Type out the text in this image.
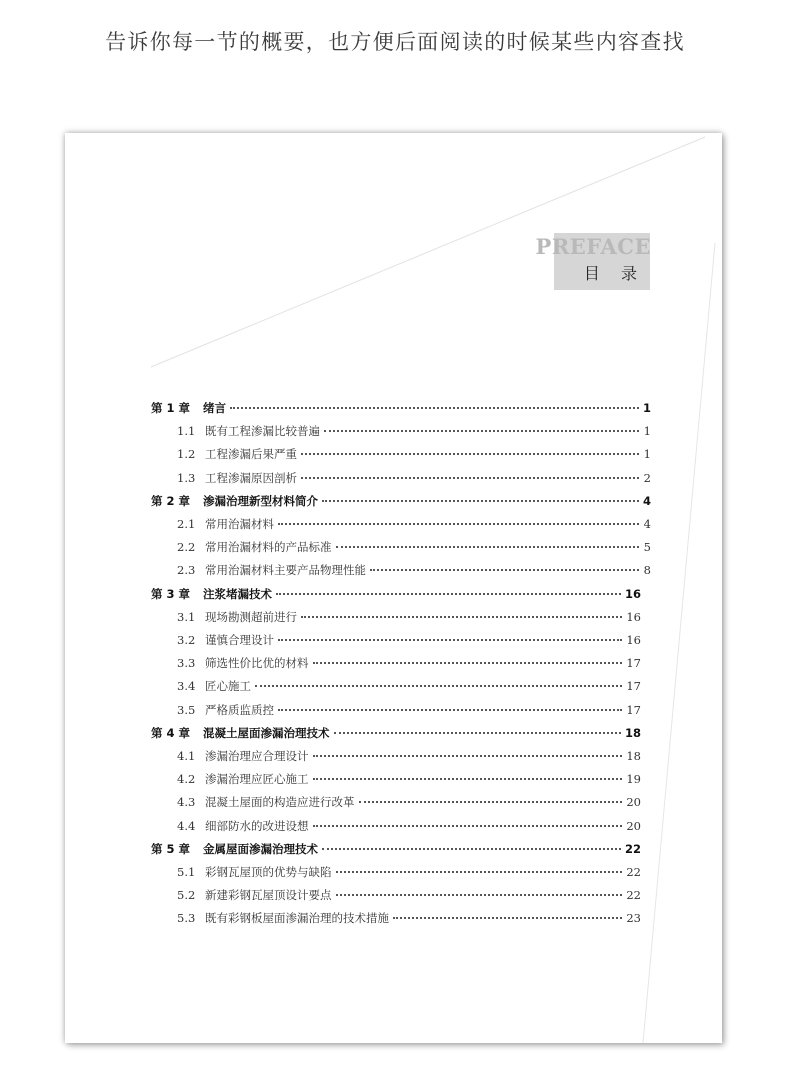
告诉你每一节的概要，也方便后面阅读的时候某些内容查找
PREFACE
目 录
第 1 章	绪言	1
1.1 既有工程渗漏比较普遍	1
1.2 工程渗漏后果严重	1
1.3 工程渗漏原因剖析	2
第 2 章	渗漏治理新型材料简介	4
2.1 常用治漏材料	4
2.2 常用治漏材料的产品标准	5
2.3 常用治漏材料主要产品物理性能	8
第 3 章	注浆堵漏技术	16
3.1 现场勘测超前进行	16
3.2 谨慎合理设计	16
3.3 筛选性价比优的材料	17
3.4 匠心施工	17
3.5 严格质监质控	17
第 4 章	混凝土屋面渗漏治理技术	18
4.1 渗漏治理应合理设计	18
4.2 渗漏治理应匠心施工	19
4.3 混凝土屋面的构造应进行改革	20
4.4 细部防水的改进设想	20
第 5 章	金属屋面渗漏治理技术	22
5.1 彩钢瓦屋顶的优势与缺陷	22
5.2 新建彩钢瓦屋顶设计要点	22
5.3 既有彩钢板屋面渗漏治理的技术措施	23
